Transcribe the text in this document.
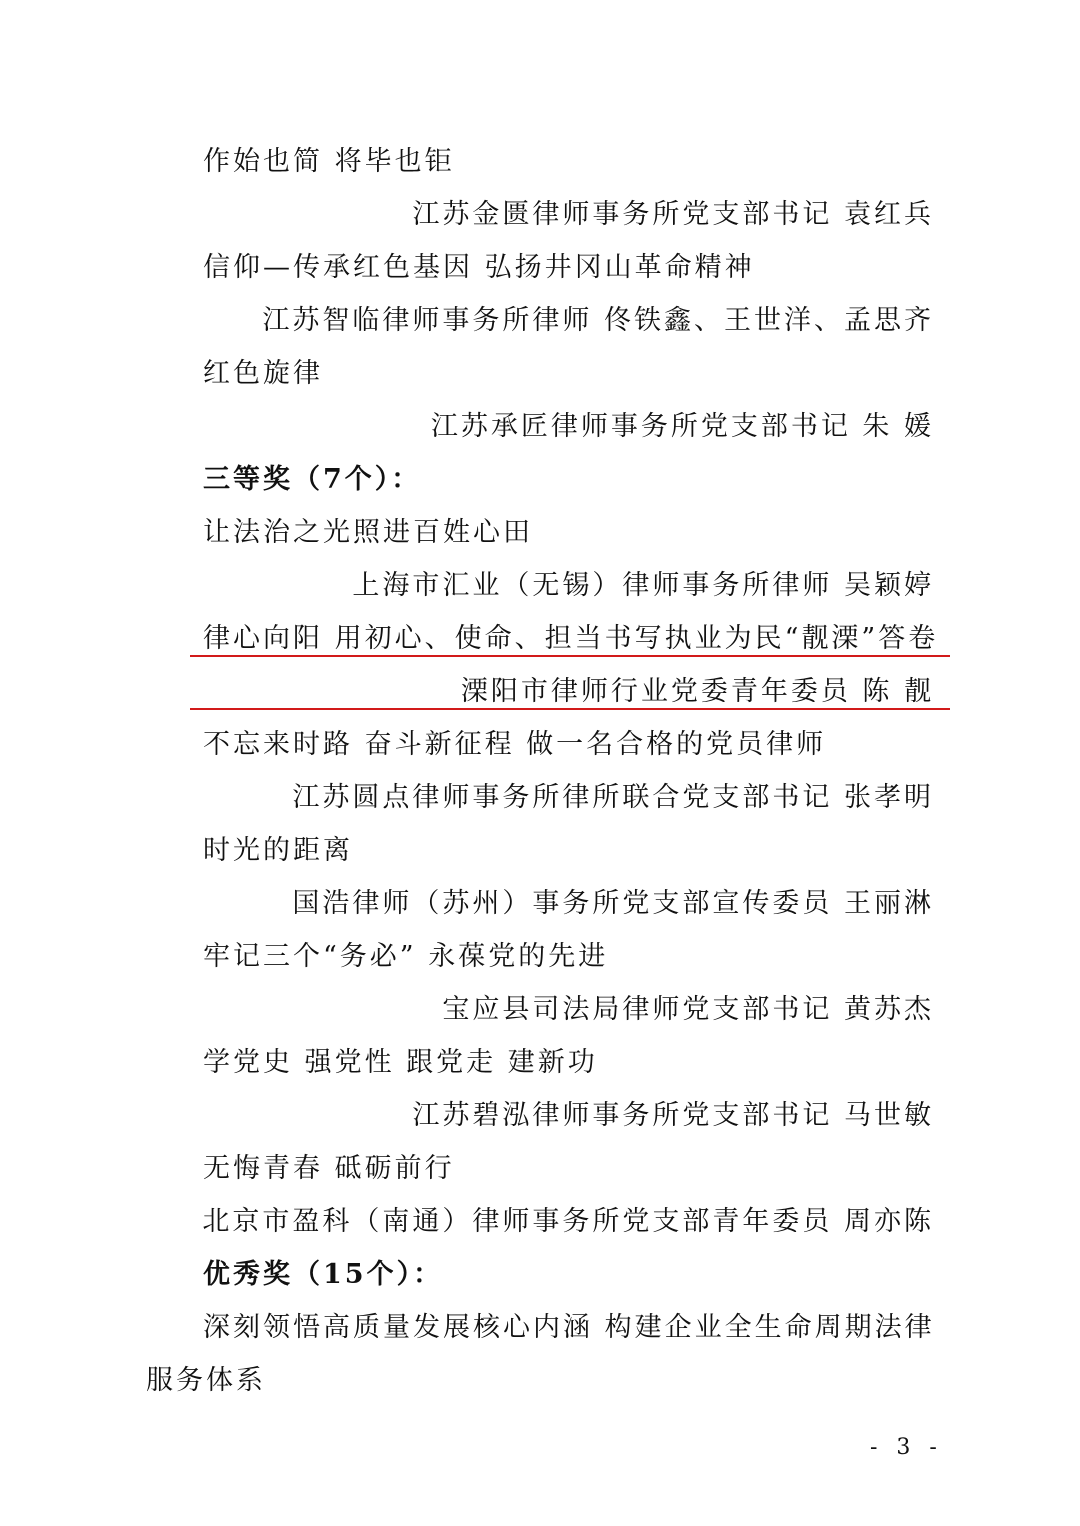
作始也简 将毕也钜
江苏金匮律师事务所党支部书记 袁红兵
信仰—传承红色基因 弘扬井冈山革命精神
江苏智临律师事务所律师 佟铁鑫、王世洋、孟思齐
红色旋律
江苏承匠律师事务所党支部书记 朱 媛
三等奖（7个）：
让法治之光照进百姓心田
上海市汇业（无锡）律师事务所律师 吴颖婷
律心向阳 用初心、使命、担当书写执业为民“靓溧”答卷
溧阳市律师行业党委青年委员 陈 靓
不忘来时路 奋斗新征程 做一名合格的党员律师
江苏圆点律师事务所律所联合党支部书记 张孝明
时光的距离
国浩律师（苏州）事务所党支部宣传委员 王丽淋
牢记三个“务必” 永葆党的先进
宝应县司法局律师党支部书记 黄苏杰
学党史 强党性 跟党走 建新功
江苏碧泓律师事务所党支部书记 马世敏
无悔青春 砥砺前行
北京市盈科（南通）律师事务所党支部青年委员 周亦陈
优秀奖（15个）：
深刻领悟高质量发展核心内涵 构建企业全生命周期法律
服务体系
- 3 -
